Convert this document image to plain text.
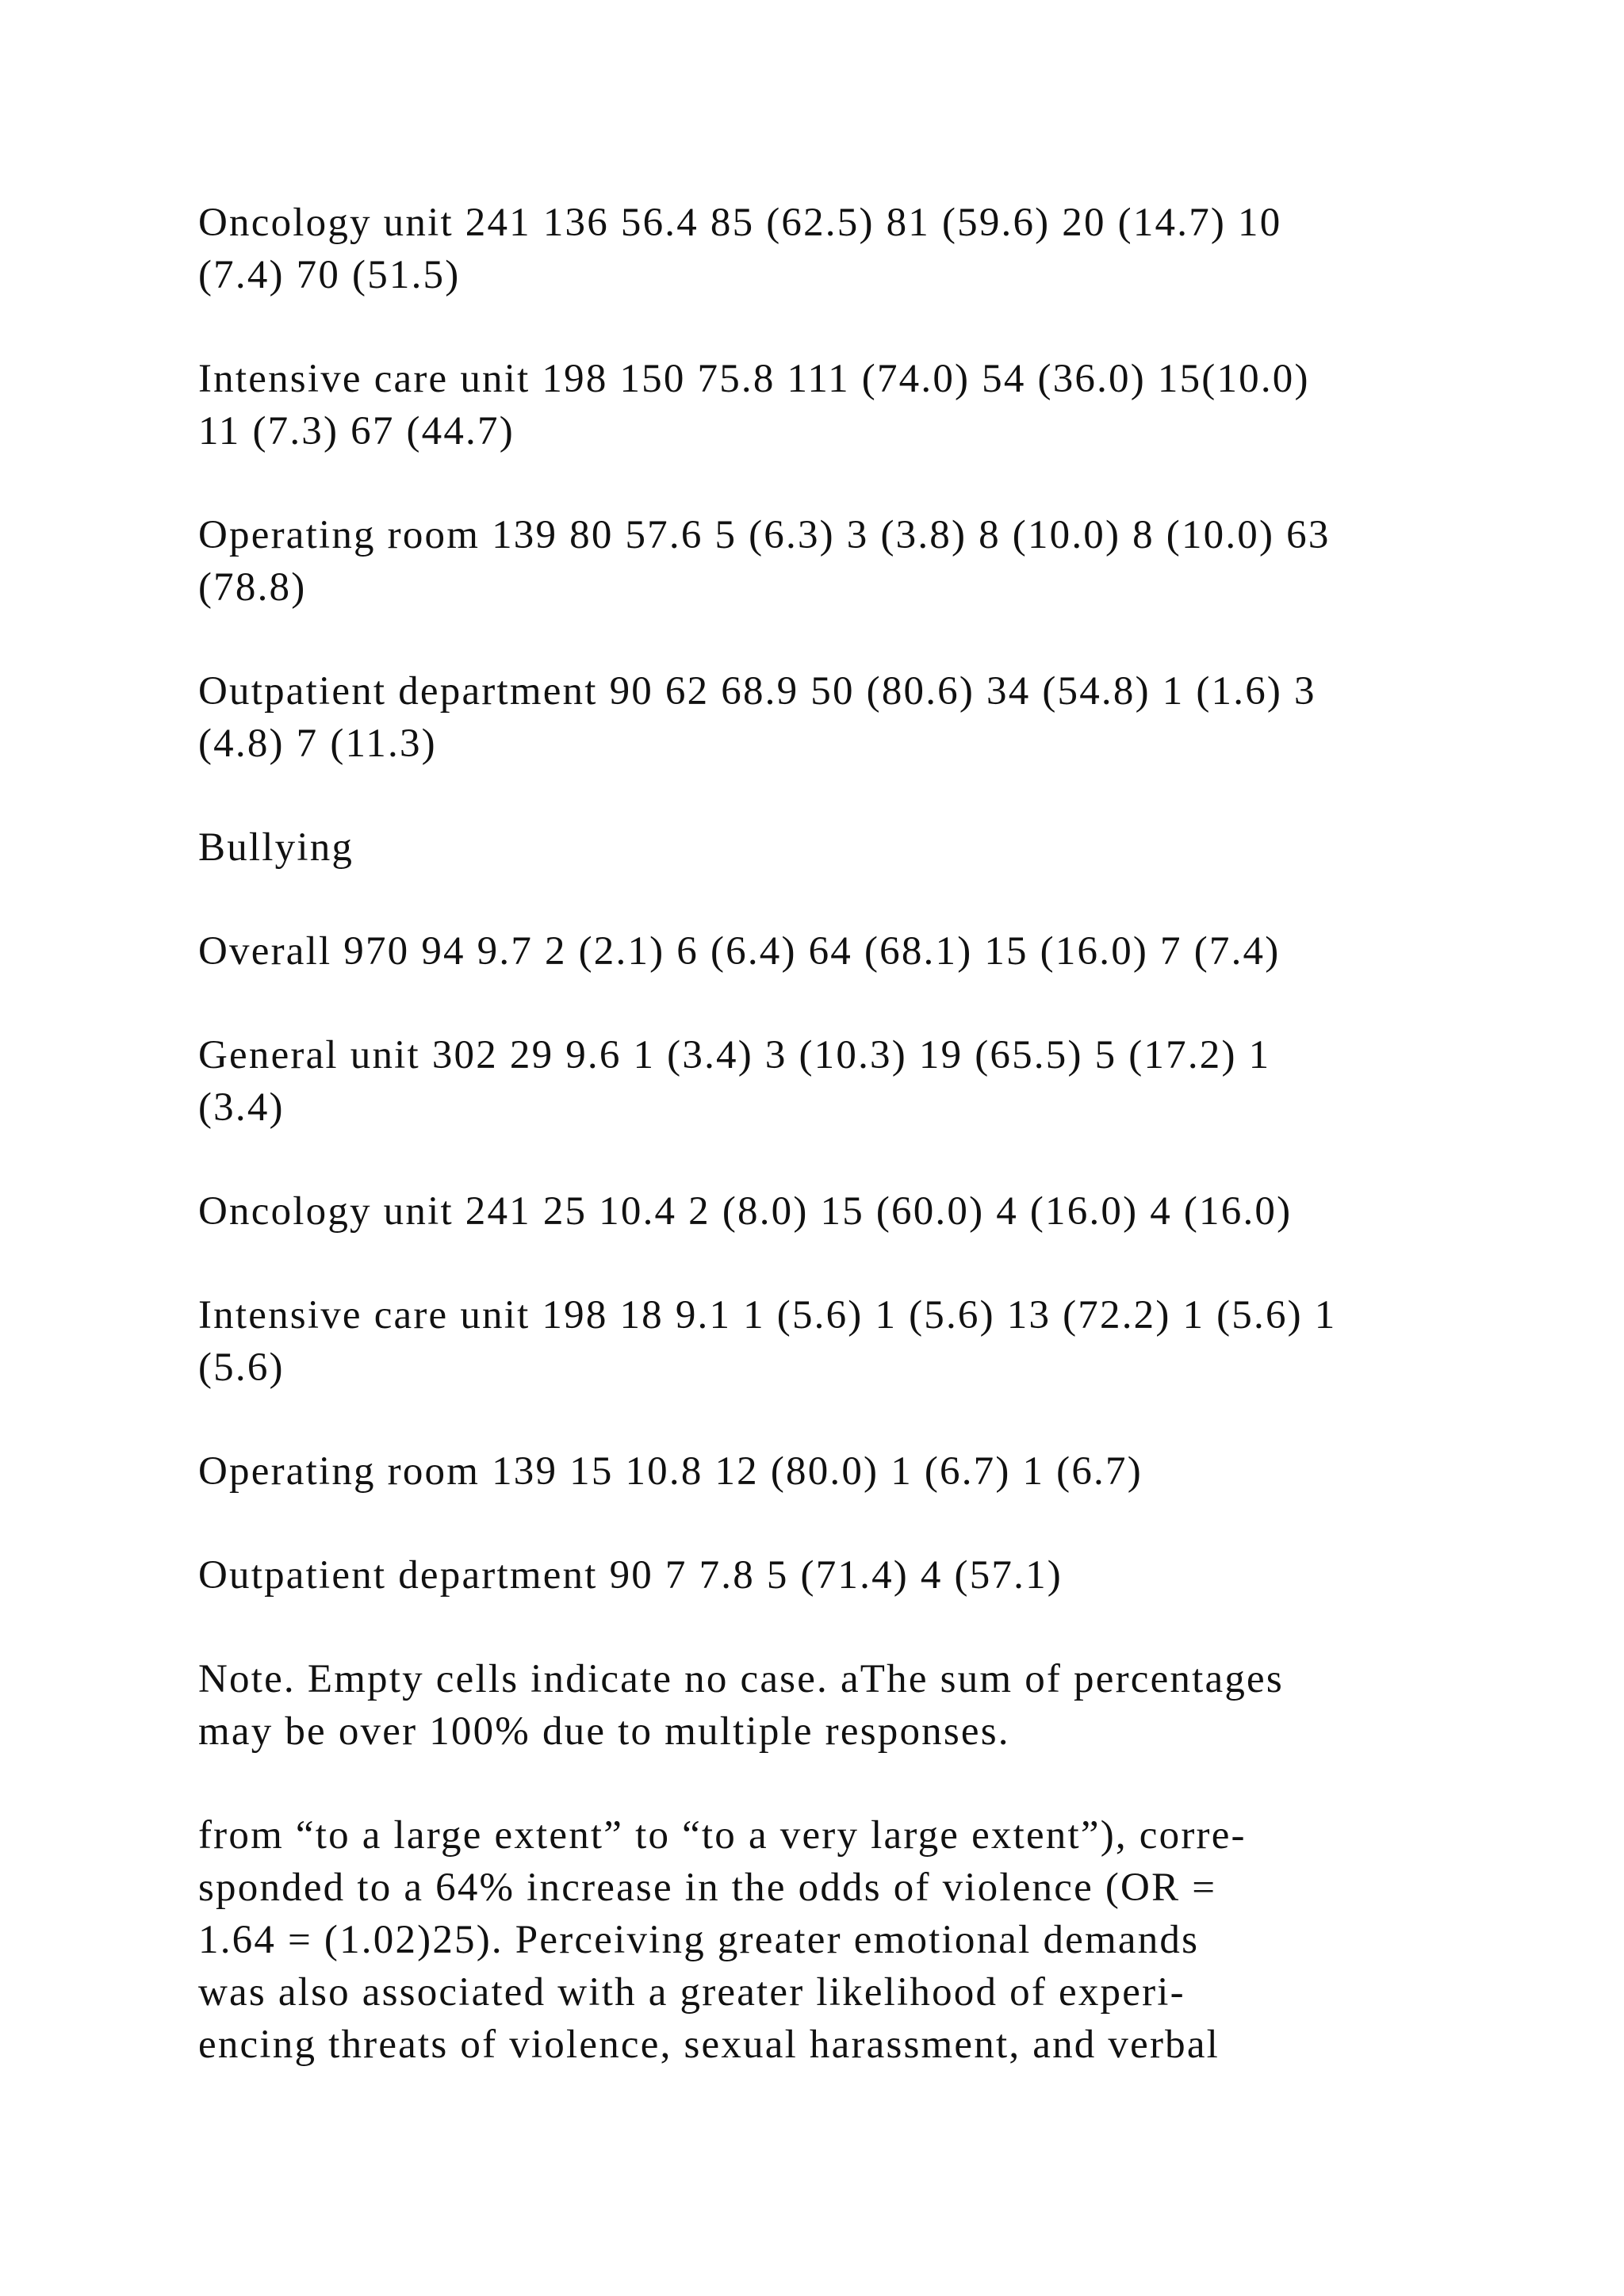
Oncology unit 241 136 56.4 85 (62.5) 81 (59.6) 20 (14.7) 10
(7.4) 70 (51.5)

Intensive care unit 198 150 75.8 111 (74.0) 54 (36.0) 15(10.0)
11 (7.3) 67 (44.7)

Operating room 139 80 57.6 5 (6.3) 3 (3.8) 8 (10.0) 8 (10.0) 63
(78.8)

Outpatient department 90 62 68.9 50 (80.6) 34 (54.8) 1 (1.6) 3
(4.8) 7 (11.3)

Bullying

Overall 970 94 9.7 2 (2.1) 6 (6.4) 64 (68.1) 15 (16.0) 7 (7.4)

General unit 302 29 9.6 1 (3.4) 3 (10.3) 19 (65.5) 5 (17.2) 1
(3.4)

Oncology unit 241 25 10.4 2 (8.0) 15 (60.0) 4 (16.0) 4 (16.0)

Intensive care unit 198 18 9.1 1 (5.6) 1 (5.6) 13 (72.2) 1 (5.6) 1
(5.6)

Operating room 139 15 10.8 12 (80.0) 1 (6.7) 1 (6.7)

Outpatient department 90 7 7.8 5 (71.4) 4 (57.1)

Note. Empty cells indicate no case. aThe sum of percentages
may be over 100% due to multiple responses.

from “to a large extent” to “to a very large extent”), corre-
sponded to a 64% increase in the odds of violence (OR =
1.64 = (1.02)25). Perceiving greater emotional demands
was also associated with a greater likelihood of experi-
encing threats of violence, sexual harassment, and verbal
